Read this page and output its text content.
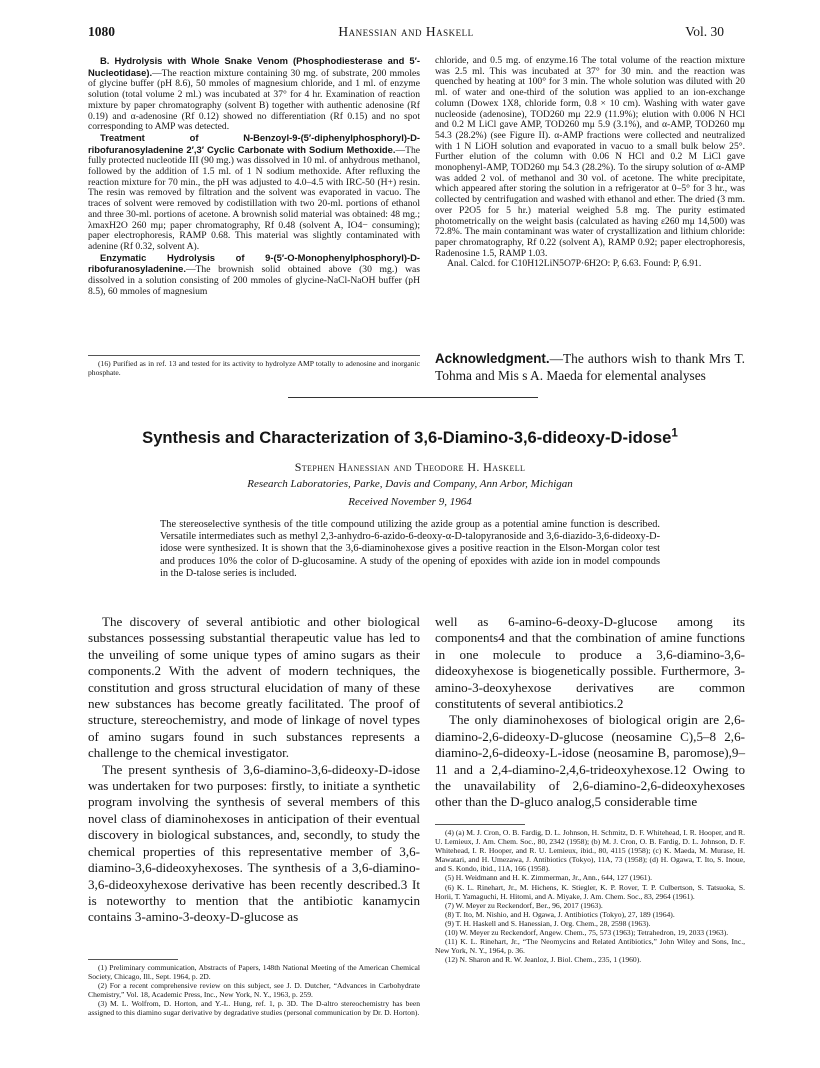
1080	Hanessian and Haskell	Vol. 30

B. Hydrolysis with Whole Snake Venom (Phosphodiesterase and 5′-Nucleotidase).—The reaction mixture containing 30 mg. of substrate, 200 mmoles of glycine buffer (pH 8.6), 50 mmoles of magnesium chloride, and 1 ml. of enzyme solution (total volume 2 ml.) was incubated at 37° for 4 hr. Examination of reaction mixture by paper chromatography (solvent B) together with authentic adenosine (Rf 0.19) and α-adenosine (Rf 0.12) showed no differentiation (Rf 0.15) and no spot corresponding to AMP was detected.

Treatment of N-Benzoyl-9-(5′-diphenylphosphoryl)-D-ribofuranosyladenine 2′,3′ Cyclic Carbonate with Sodium Methoxide.—The fully protected nucleotide III (90 mg.) was dissolved in 10 ml. of anhydrous methanol, followed by the addition of 1.5 ml. of 1 N sodium methoxide. After refluxing the reaction mixture for 70 min., the pH was adjusted to 4.0–4.5 with IRC-50 (H+) resin. The resin was removed by filtration and the solvent was evaporated in vacuo. The traces of solvent were removed by codistillation with two 20-ml. portions of ethanol and three 30-ml. portions of acetone. A brownish solid material was obtained: 48 mg.; λmaxH2O 260 mμ; paper chromatography, Rf 0.48 (solvent A, IO4− consuming); paper electrophoresis, RAMP 0.68. This material was slightly contaminated with adenine (Rf 0.32, solvent A).

Enzymatic Hydrolysis of 9-(5′-O-Monophenylphosphoryl)-D-ribofuranosyladenine.—The brownish solid obtained above (30 mg.) was dissolved in a solution consisting of 200 mmoles of glycine-NaCl-NaOH buffer (pH 8.5), 60 mmoles of magnesium

(16) Purified as in ref. 13 and tested for its activity to hydrolyze AMP totally to adenosine and inorganic phosphate.

chloride, and 0.5 mg. of enzyme.16 The total volume of the reaction mixture was 2.5 ml. This was incubated at 37° for 30 min. and the reaction was quenched by heating at 100° for 3 min. The whole solution was diluted with 20 ml. of water and one-third of the solution was applied to an ion-exchange column (Dowex 1X8, chloride form, 0.8 × 10 cm). Washing with water gave nucleoside (adenosine), TOD260 mμ 22.9 (11.9%); elution with 0.006 N HCl and 0.2 M LiCl gave AMP, TOD260 mμ 5.9 (3.1%), and α-AMP, TOD260 mμ 54.3 (28.2%) (see Figure II). α-AMP fractions were collected and neutralized with 1 N LiOH solution and evaporated in vacuo to a small bulk below 25°. Further elution of the column with 0.06 N HCl and 0.2 M LiCl gave monophenyl-AMP, TOD260 mμ 54.3 (28.2%). To the sirupy solution of α-AMP was added 2 vol. of methanol and 30 vol. of acetone. The white precipitate, which appeared after storing the solution in a refrigerator at 0–5° for 3 hr., was collected by centrifugation and washed with ethanol and ether. The dried (3 mm. over P2O5 for 5 hr.) material weighed 5.8 mg. The purity estimated photometrically on the weight basis (calculated as having ε260 mμ 14,500) was 72.8%. The main contaminant was water of crystallization and lithium chloride: paper chromatography, Rf 0.22 (solvent A), RAMP 0.92; paper electrophoresis, Radenosine 1.5, RAMP 1.03.

Anal. Calcd. for C10H12LiN5O7P·6H2O: P, 6.63. Found: P, 6.91.

Acknowledgment.—The authors wish to thank Mrs T. Tohma and Mis s A. Maeda for elemental analyses
Synthesis and Characterization of 3,6-Diamino-3,6-dideoxy-D-idose$^1$
Stephen Hanessian and Theodore H. Haskell
Research Laboratories, Parke, Davis and Company, Ann Arbor, Michigan
Received November 9, 1964
The stereoselective synthesis of the title compound utilizing the azide group as a potential amine function is described. Versatile intermediates such as methyl 2,3-anhydro-6-azido-6-deoxy-α-D-talopyranoside and 3,6-diazido-3,6-dideoxy-D-idose were synthesized. It is shown that the 3,6-diaminohexose gives a positive reaction in the Elson-Morgan color test and produces 10% the color of D-glucosamine. A study of the opening of epoxides with azide ion in model compounds in the D-talose series is included.

The discovery of several antibiotic and other biological substances possessing substantial therapeutic value has led to the unveiling of some unique types of amino sugars as their components.2 With the advent of modern techniques, the constitution and gross structural elucidation of many of these new substances has become greatly facilitated. The proof of structure, stereochemistry, and mode of linkage of novel types of amino sugars found in such substances represents a challenge to the chemical investigator.

The present synthesis of 3,6-diamino-3,6-dideoxy-D-idose was undertaken for two purposes: firstly, to initiate a synthetic program involving the synthesis of several members of this novel class of diaminohexoses in anticipation of their eventual discovery in biological substances, and, secondly, to study the chemical properties of this representative member of 3,6-diamino-3,6-dideoxyhexoses. The synthesis of a 3,6-diamino-3,6-dideoxyhexose derivative has been recently described.3 It is noteworthy to mention that the antibiotic kanamycin contains 3-amino-3-deoxy-D-glucose as

(1) Preliminary communication, Abstracts of Papers, 148th National Meeting of the American Chemical Society, Chicago, Ill., Sept. 1964, p. 2D.

(2) For a recent comprehensive review on this subject, see J. D. Dutcher, “Advances in Carbohydrate Chemistry,” Vol. 18, Academic Press, Inc., New York, N. Y., 1963, p. 259.

(3) M. L. Wolfrom, D. Horton, and Y.-L. Hung, ref. 1, p. 3D. The D-altro stereochemistry has been assigned to this diamino sugar derivative by degradative studies (personal communication by Dr. D. Horton).

well as 6-amino-6-deoxy-D-glucose among its components4 and that the combination of amine functions in one molecule to produce a 3,6-diamino-3,6-dideoxyhexose is biogenetically possible. Furthermore, 3-amino-3-deoxyhexose derivatives are common constitutents of several antibiotics.2

The only diaminohexoses of biological origin are 2,6-diamino-2,6-dideoxy-D-glucose (neosamine C),5–8 2,6-diamino-2,6-dideoxy-L-idose (neosamine B, paromose),9–11 and a 2,4-diamino-2,4,6-trideoxyhexose.12 Owing to the unavailability of 2,6-diamino-2,6-dideoxyhexoses other than the D-gluco analog,5 considerable time

(4) (a) M. J. Cron, O. B. Fardig, D. L. Johnson, H. Schmitz, D. F. Whitehead, I. R. Hooper, and R. U. Lemieux, J. Am. Chem. Soc., 80, 2342 (1958); (b) M. J. Cron, O. B. Fardig, D. L. Johnson, D. F. Whitehead, I. R. Hooper, and R. U. Lemieux, ibid., 80, 4115 (1958); (c) K. Maeda, M. Murase, H. Mawatari, and H. Umezawa, J. Antibiotics (Tokyo), 11A, 73 (1958); (d) H. Ogawa, T. Ito, S. Inoue, and S. Kondo, ibid., 11A, 166 (1958).

(5) H. Weidmann and H. K. Zimmerman, Jr., Ann., 644, 127 (1961).

(6) K. L. Rinehart, Jr., M. Hichens, K. Stiegler, K. P. Rover, T. P. Culbertson, S. Tatsuoka, S. Horii, T. Yamaguchi, H. Hitomi, and A. Miyake, J. Am. Chem. Soc., 83, 2964 (1961).

(7) W. Meyer zu Reckendorf, Ber., 96, 2017 (1963).

(8) T. Ito, M. Nishio, and H. Ogawa, J. Antibiotics (Tokyo), 27, 189 (1964).

(9) T. H. Haskell and S. Hanessian, J. Org. Chem., 28, 2598 (1963).

(10) W. Meyer zu Reckendorf, Angew. Chem., 75, 573 (1963); Tetrahedron, 19, 2033 (1963).

(11) K. L. Rinehart, Jr., “The Neomycins and Related Antibiotics,” John Wiley and Sons, Inc., New York, N. Y., 1964, p. 36.

(12) N. Sharon and R. W. Jeanloz, J. Biol. Chem., 235, 1 (1960).
